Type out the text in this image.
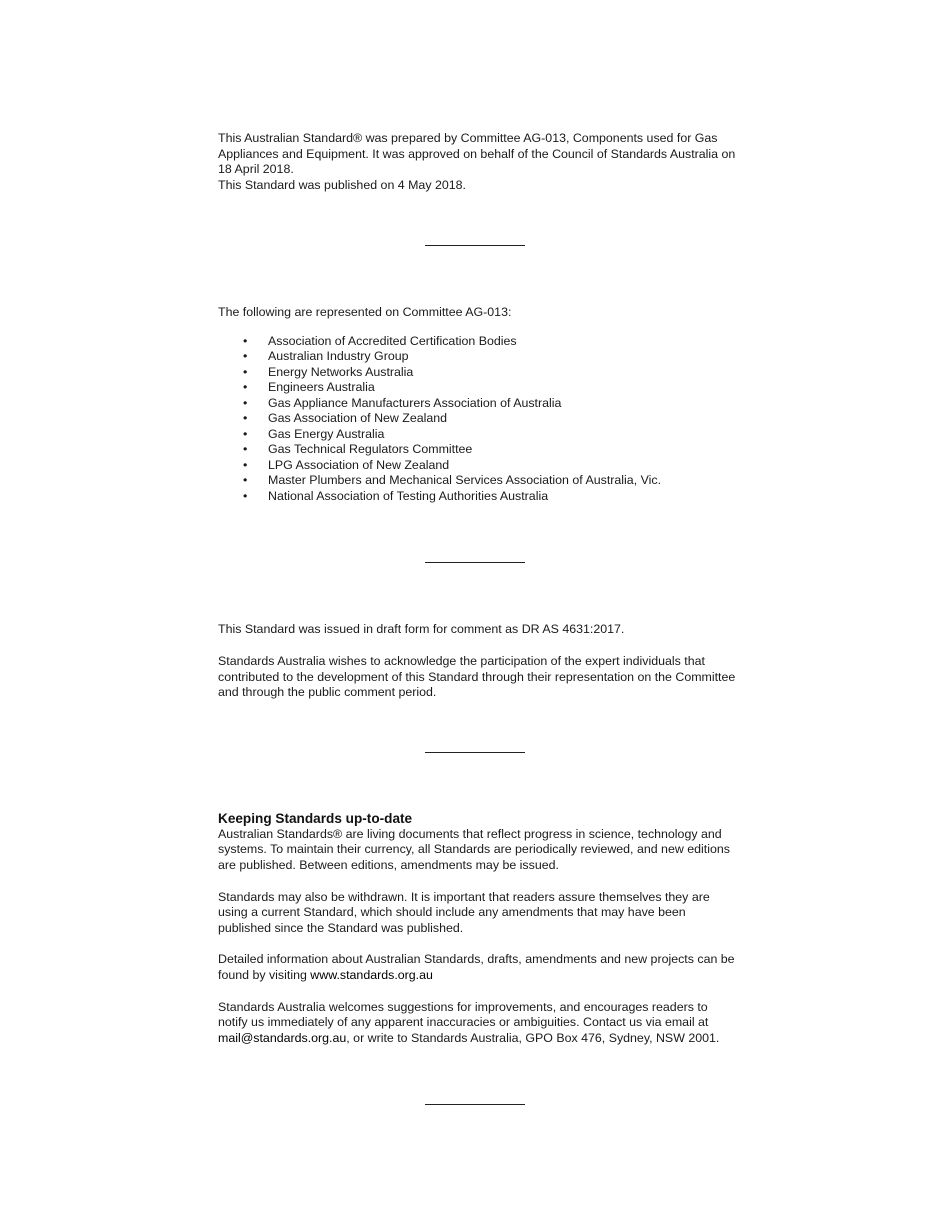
This Australian Standard® was prepared by Committee AG-013, Components used for Gas Appliances and Equipment. It was approved on behalf of the Council of Standards Australia on 18 April 2018.

This Standard was published on 4 May 2018.

The following are represented on Committee AG-013:

• Association of Accredited Certification Bodies
• Australian Industry Group
• Energy Networks Australia
• Engineers Australia
• Gas Appliance Manufacturers Association of Australia
• Gas Association of New Zealand
• Gas Energy Australia
• Gas Technical Regulators Committee
• LPG Association of New Zealand
• Master Plumbers and Mechanical Services Association of Australia, Vic.
• National Association of Testing Authorities Australia

This Standard was issued in draft form for comment as DR AS 4631:2017.

Standards Australia wishes to acknowledge the participation of the expert individuals that contributed to the development of this Standard through their representation on the Committee and through the public comment period.

Keeping Standards up-to-date

Australian Standards® are living documents that reflect progress in science, technology and systems. To maintain their currency, all Standards are periodically reviewed, and new editions are published. Between editions, amendments may be issued.

Standards may also be withdrawn. It is important that readers assure themselves they are using a current Standard, which should include any amendments that may have been published since the Standard was published.

Detailed information about Australian Standards, drafts, amendments and new projects can be found by visiting www.standards.org.au

Standards Australia welcomes suggestions for improvements, and encourages readers to notify us immediately of any apparent inaccuracies or ambiguities. Contact us via email at mail@standards.org.au, or write to Standards Australia, GPO Box 476, Sydney, NSW 2001.
